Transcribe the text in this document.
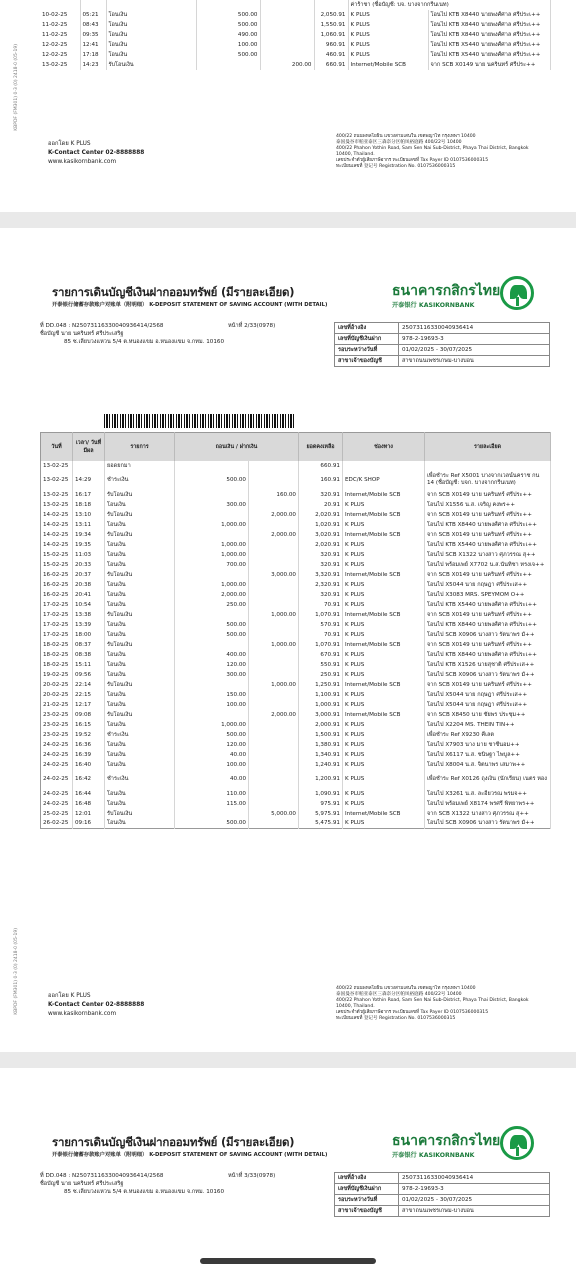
						ค่าร้าชา (ชื่อบัญชี: บจ. บางจากกรีนเนท)	
10-02-25	05:21	โอนเงิน	500.00		2,050.91	K PLUS	โอนไป KTB X8440 นายพงศ์ศาล ศรีประเ++
11-02-25	08:43	โอนเงิน	500.00		1,550.91	K PLUS	โอนไป KTB X8440 นายพงศ์ศาล ศรีประเ++
11-02-25	09:35	โอนเงิน	490.00		1,060.91	K PLUS	โอนไป KTB X8440 นายพงศ์ศาล ศรีประเ++
12-02-25	12:41	โอนเงิน	100.00		960.91	K PLUS	โอนไป KTB X5440 นายพงศ์ศาล ศรีประเ++
12-02-25	17:18	โอนเงิน	500.00		460.91	K PLUS	โอนไป KTB X5440 นายพงศ์ศาล ศรีประเ++
13-02-25	14:23	รับโอนเงิน		200.00	660.91	Internet/Mobile SCB	จาก SCB X0149 นาย นครินทร์ ศรีประ++
KBPDF (FM301) 0-3 (0) 2418-0 (05-19)
ออกโดย K PLUS
K-Contact Center 02-8888888
www.kasikornbank.com
400/22 ถนนพหลโยธิน แขวงสามเสนใน เขตพญาไท กรุงเทพฯ 10400
泰国曼谷市帕亚泰区三森奈分区帕凤裕庭路 400/22号 10400
400/22 Phahon Yothin Road, Sam Sen Nai Sub-District, Phaya Thai District, Bangkok 10400, Thailand.
เลขประจำตัวผู้เสียภาษีอากร ทะเบียนเลขที่ Tax Payer ID 0107536000315
ทะเบียนเลขที่ 登记号 Registration No. 0107536000315
รายการเดินบัญชีเงินฝากออมทรัพย์ (มีรายละเอียด)
开泰银行储蓄存款账户对账单（附明细） K-DEPOSIT STATEMENT OF SAVING ACCOUNT (WITH DETAIL)
ธนาคารกสิกรไทย
开泰银行 KASIKORNBANK
ที่ DD.048 : N25073116330040936414/2568
ชื่อบัญชี นาย นครินทร์ ศรีประเสริฐ
85 ซ.เลียบวงแหวน 5/4 ต.หนองแขม อ.หนองแขม จ.กทม. 10160
หน้าที่ 2/33(0978)	เลขที่อ้างอิง	25073116330040936414
เลขที่บัญชีเงินฝาก	978-2-19693-3
รอบระหว่างวันที่	01/02/2025 - 30/07/2025
สาขาเจ้าของบัญชี	สาขาถนนเพชรเกษม-บางบอน
วันที่	เวลา/ วันที่มีผล	รายการ	ถอนเงิน / ฝากเงิน		ยอดคงเหลือ	ช่องทาง	รายละเอียด
13-02-25		ยอดยกมา			660.91		
13-02-25	14:29	ชำระเงิน	500.00		160.91	EDC/K SHOP	เพื่อชำระ Ref X5001 บางจากเวลน์นคราช กน 14 (ชื่อบัญชี: บจก. บางจากกรีนเนท)
13-02-25	16:17	รับโอนเงิน		160.00	320.91	Internet/Mobile SCB	จาก SCB X0149 นาย นครินทร์ ศรีประ++
13-02-25	18:18	โอนเงิน	300.00		20.91	K PLUS	โอนไป X1556 น.ส. เจริญ คงพร++
14-02-25	13:10	รับโอนเงิน		2,000.00	2,020.91	Internet/Mobile SCB	จาก SCB X0149 นาย นครินทร์ ศรีประ++
14-02-25	13:11	โอนเงิน	1,000.00		1,020.91	K PLUS	โอนไป KTB X8440 นายพงศ์ศาล ศรีประเ++
14-02-25	19:34	รับโอนเงิน		2,000.00	3,020.91	Internet/Mobile SCB	จาก SCB X0149 นาย นครินทร์ ศรีประ++
14-02-25	19:35	โอนเงิน	1,000.00		2,020.91	K PLUS	โอนไป KTB X5440 นายพงศ์ศาล ศรีประเ++
15-02-25	11:03	โอนเงิน	1,000.00		320.91	K PLUS	โอนไป SCB X1322 นางสาว ศุภวรรณ สุ++
15-02-25	20:33	โอนเงิน	700.00		320.91	K PLUS	โอนไป พร้อมเพย์ X7702 น.ส.นันทิชา ทรงเจ++
16-02-25	20:37	รับโอนเงิน		3,000.00	3,320.91	Internet/Mobile SCB	จาก SCB X0149 นาย นครินทร์ ศรีประ++
16-02-25	20:38	โอนเงิน	1,000.00		2,320.91	K PLUS	โอนไป X5044 นาย กฤษฎา ศรีประเส++
16-02-25	20:41	โอนเงิน	2,000.00		320.91	K PLUS	โอนไป X3083 MRS. SPEYMOM O++
17-02-25	10:54	โอนเงิน	250.00		70.91	K PLUS	โอนไป KTB X5440 นายพงศ์ศาล ศรีประเ++
17-02-25	13:38	รับโอนเงิน		1,000.00	1,070.91	Internet/Mobile SCB	จาก SCB X0149 นาย นครินทร์ ศรีประ++
17-02-25	13:39	โอนเงิน	500.00		570.91	K PLUS	โอนไป KTB X8440 นายพงศ์ศาล ศรีประเ++
17-02-25	18:00	โอนเงิน	500.00		70.91	K PLUS	โอนไป SCB X0906 นางสาว รัตนาพร มั++
18-02-25	08:37	รับโอนเงิน		1,000.00	1,070.91	Internet/Mobile SCB	จาก SCB X0149 นาย นครินทร์ ศรีประ++
18-02-25	08:38	โอนเงิน	400.00		670.91	K PLUS	โอนไป KTB X8440 นายพงศ์ศาล ศรีประเ++
18-02-25	15:11	โอนเงิน	120.00		550.91	K PLUS	โอนไป KTB X1526 นายสุชาติ ศรีประเส++
19-02-25	09:56	โอนเงิน	300.00		250.91	K PLUS	โอนไป SCB X0906 นางสาว รัตนาพร มั++
20-02-25	22:14	รับโอนเงิน		1,000.00	1,250.91	Internet/Mobile SCB	จาก SCB X0149 นาย นครินทร์ ศรีประ++
20-02-25	22:15	โอนเงิน	150.00		1,100.91	K PLUS	โอนไป X5044 นาย กฤษฎา ศรีประเส++
21-02-25	12:17	โอนเงิน	100.00		1,000.91	K PLUS	โอนไป X5044 นาย กฤษฎา ศรีประเส++
23-02-25	09:08	รับโอนเงิน		2,000.00	3,000.91	Internet/Mobile SCB	จาก SCB X8450 นาย ชัยพร ประชุม++
23-02-25	16:15	โอนเงิน	1,000.00		2,000.91	K PLUS	โอนไป X2204 MS. THEIN TIN++
23-02-25	19:52	ชำระเงิน	500.00		1,500.91	K PLUS	เพื่อชำระ Ref X9230 คีเลต
24-02-25	16:36	โอนเงิน	120.00		1,380.91	K PLUS	โอนไป X7903 นาง มาย ชาซีนอม++
24-02-25	16:39	โอนเงิน	40.00		1,340.91	K PLUS	โอนไป X6117 น.ส. ชนิษฐา ไพบูล++
24-02-25	16:40	โอนเงิน	100.00		1,240.91	K PLUS	โอนไป X8004 น.ส. จิตนาพร เสมาพ++
24-02-25	16:42	ชำระเงิน	40.00		1,200.91	K PLUS	เพื่อชำระ Ref X0126 ถุงเงิน (นักเรียน) เนตร หอง
24-02-25	16:44	โอนเงิน	110.00		1,090.91	K PLUS	โอนไป X3261 น.ส. ละอียวรณ พรมจ++
24-02-25	16:48	โอนเงิน	115.00		975.91	K PLUS	โอนไป พร้อมเพย์ X8174 พรศรี พิทยาพร++
25-02-25	12:01	รับโอนเงิน		5,000.00	5,975.91	Internet/Mobile SCB	จาก SCB X1322 นางสาว ศุภวรรณ สุ++
26-02-25	09:16	โอนเงิน	500.00		5,475.91	K PLUS	โอนไป SCB X0906 นางสาว รัตนาพร มั++
KBPDF (FM301) 0-3 (0) 2418-0 (05-19)	ออกโดย K PLUS
K-Contact Center 02-8888888
www.kasikornbank.com
400/22 ถนนพหลโยธิน แขวงสามเสนใน เขตพญาไท กรุงเทพฯ 10400
泰国曼谷市帕亚泰区三森奈分区帕凤裕庭路 400/22号 10400
400/22 Phahon Yothin Road, Sam Sen Nai Sub-District, Phaya Thai District, Bangkok 10400, Thailand.
เลขประจำตัวผู้เสียภาษีอากร ทะเบียนเลขที่ Tax Payer ID 0107536000315
ทะเบียนเลขที่ 登记号 Registration No. 0107536000315
รายการเดินบัญชีเงินฝากออมทรัพย์ (มีรายละเอียด)
开泰银行储蓄存款账户对账单（附明细） K-DEPOSIT STATEMENT OF SAVING ACCOUNT (WITH DETAIL)
ธนาคารกสิกรไทย
开泰银行 KASIKORNBANK
ที่ DD.048 : N25073116330040936414/2568
ชื่อบัญชี นาย นครินทร์ ศรีประเสริฐ
85 ซ.เลียบวงแหวน 5/4 ต.หนองแขม อ.หนองแขม จ.กทม. 10160
หน้าที่ 3/33(0978)	เลขที่อ้างอิง	25073116330040936414
เลขที่บัญชีเงินฝาก	978-2-19693-3
รอบระหว่างวันที่	01/02/2025 - 30/07/2025
สาขาเจ้าของบัญชี	สาขาถนนเพชรเกษม-บางบอน
